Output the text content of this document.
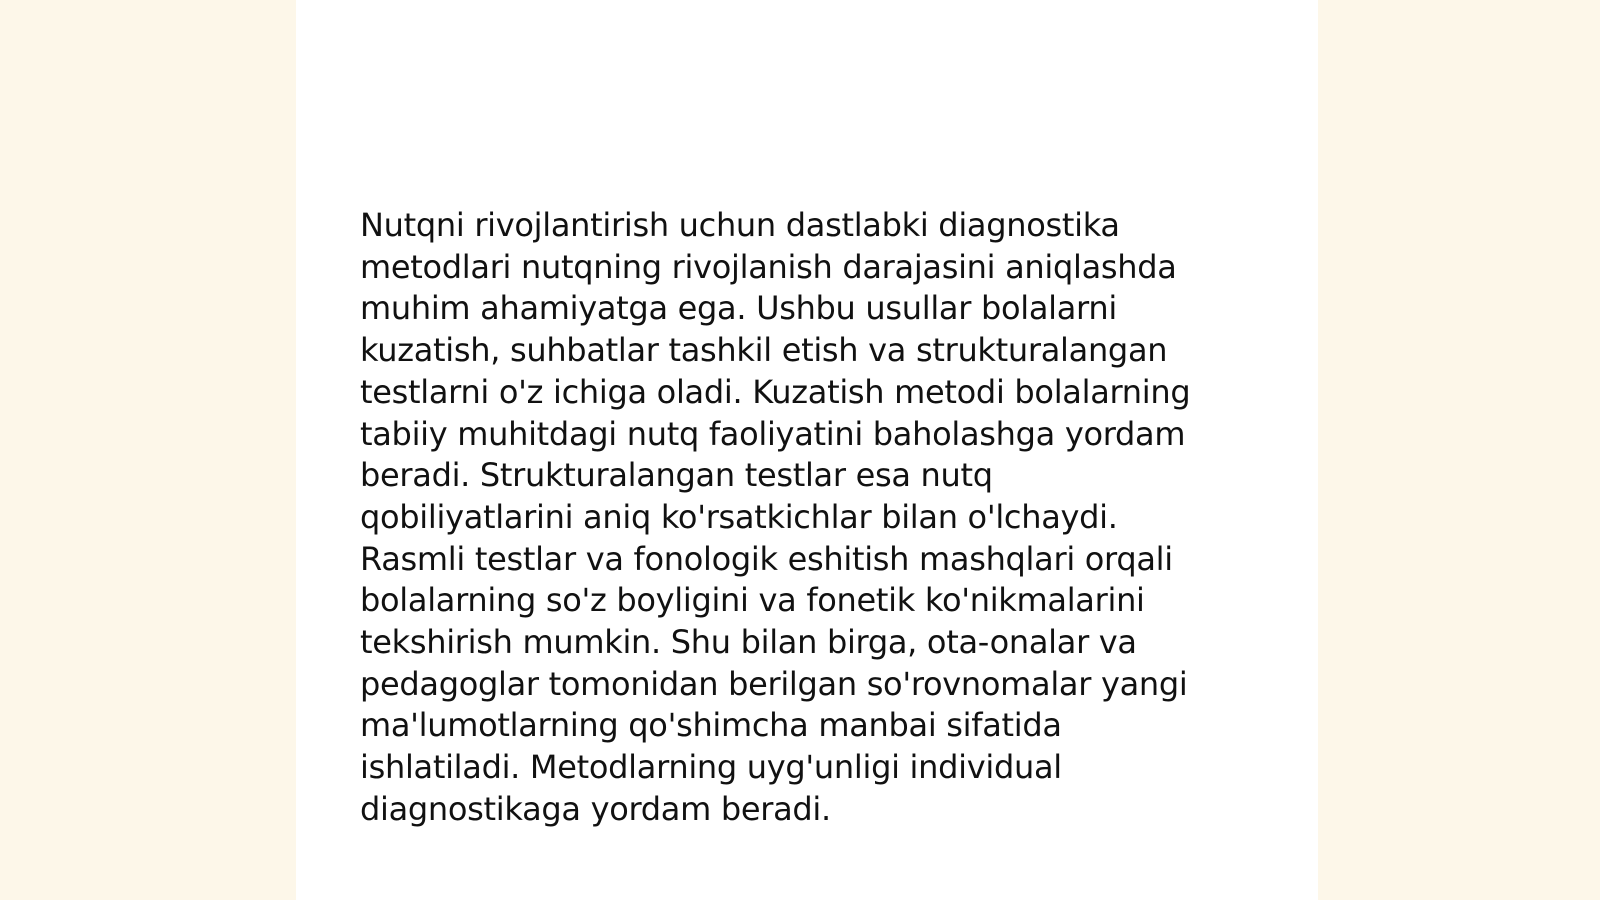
Nutqni rivojlantirish uchun dastlabki diagnostika
metodlari nutqning rivojlanish darajasini aniqlashda
muhim ahamiyatga ega. Ushbu usullar bolalarni
kuzatish, suhbatlar tashkil etish va strukturalangan
testlarni o'z ichiga oladi. Kuzatish metodi bolalarning
tabiiy muhitdagi nutq faoliyatini baholashga yordam
beradi. Strukturalangan testlar esa nutq
qobiliyatlarini aniq ko'rsatkichlar bilan o'lchaydi.
Rasmli testlar va fonologik eshitish mashqlari orqali
bolalarning so'z boyligini va fonetik ko'nikmalarini
tekshirish mumkin. Shu bilan birga, ota-onalar va
pedagoglar tomonidan berilgan so'rovnomalar yangi
ma'lumotlarning qo'shimcha manbai sifatida
ishlatiladi. Metodlarning uyg'unligi individual
diagnostikaga yordam beradi.
